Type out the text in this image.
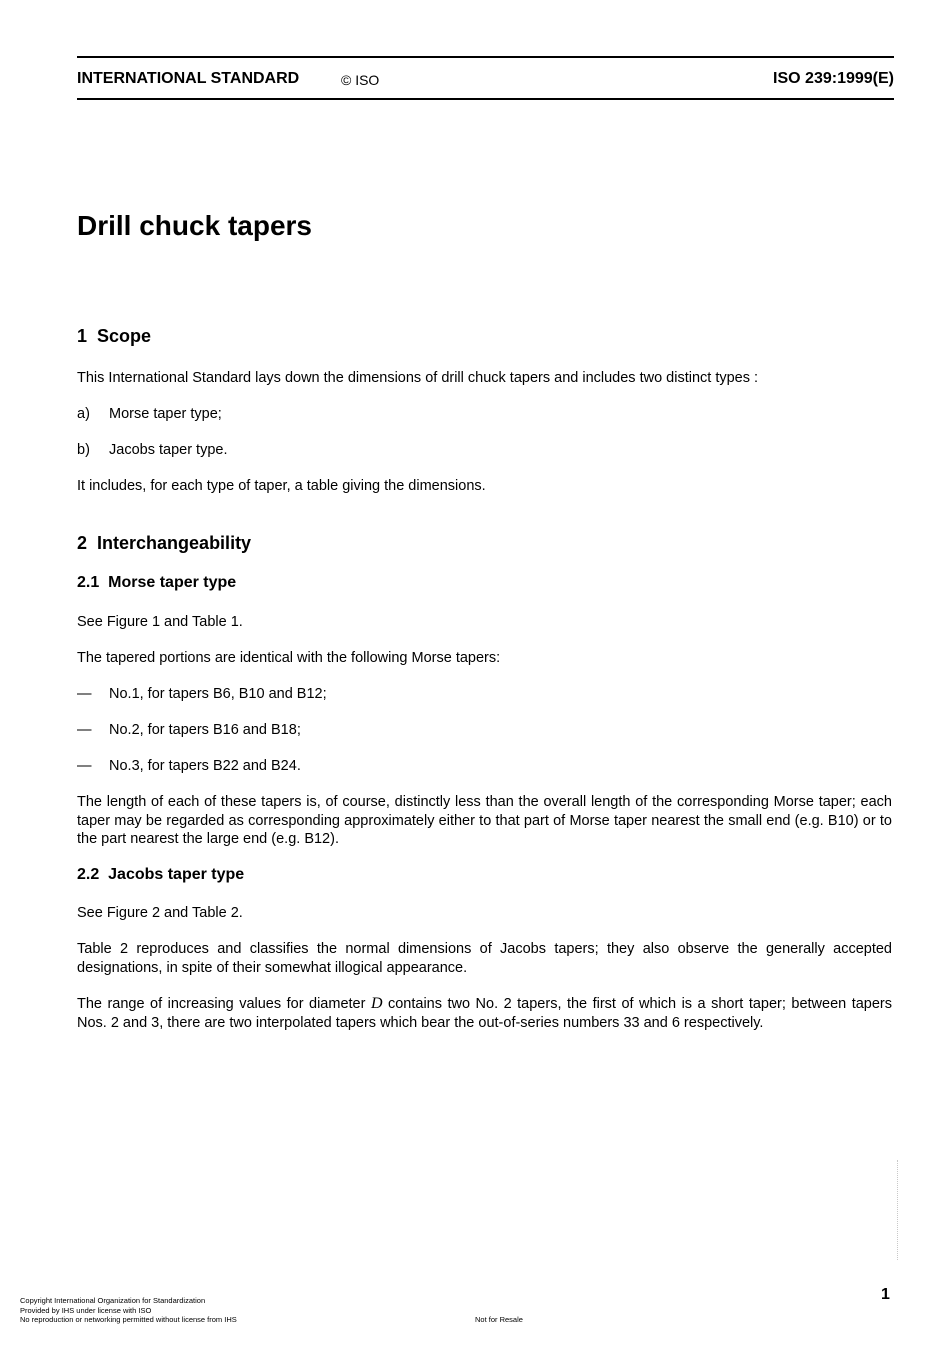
INTERNATIONAL STANDARD	© ISO	ISO 239:1999(E)
Drill chuck tapers
1 Scope

This International Standard lays down the dimensions of drill chuck tapers and includes two distinct types :

a) Morse taper type;
b) Jacobs taper type.

It includes, for each type of taper, a table giving the dimensions.

2 Interchangeability
2.1 Morse taper type

See Figure 1 and Table 1.

The tapered portions are identical with the following Morse tapers:

— No.1, for tapers B6, B10 and B12;
— No.2, for tapers B16 and B18;
— No.3, for tapers B22 and B24.

The length of each of these tapers is, of course, distinctly less than the overall length of the corresponding Morse taper; each taper may be regarded as corresponding approximately either to that part of Morse taper nearest the small end (e.g. B10) or to the part nearest the large end (e.g. B12).

2.2 Jacobs taper type

See Figure 2 and Table 2.

Table 2 reproduces and classifies the normal dimensions of Jacobs tapers; they also observe the generally accepted designations, in spite of their somewhat illogical appearance.

The range of increasing values for diameter D contains two No. 2 tapers, the first of which is a short taper; between tapers Nos. 2 and 3, there are two interpolated tapers which bear the out-of-series numbers 33 and 6 respectively.

1
Copyright International Organization for Standardization
Provided by IHS under license with ISO
No reproduction or networking permitted without license from IHS	Not for Resale
